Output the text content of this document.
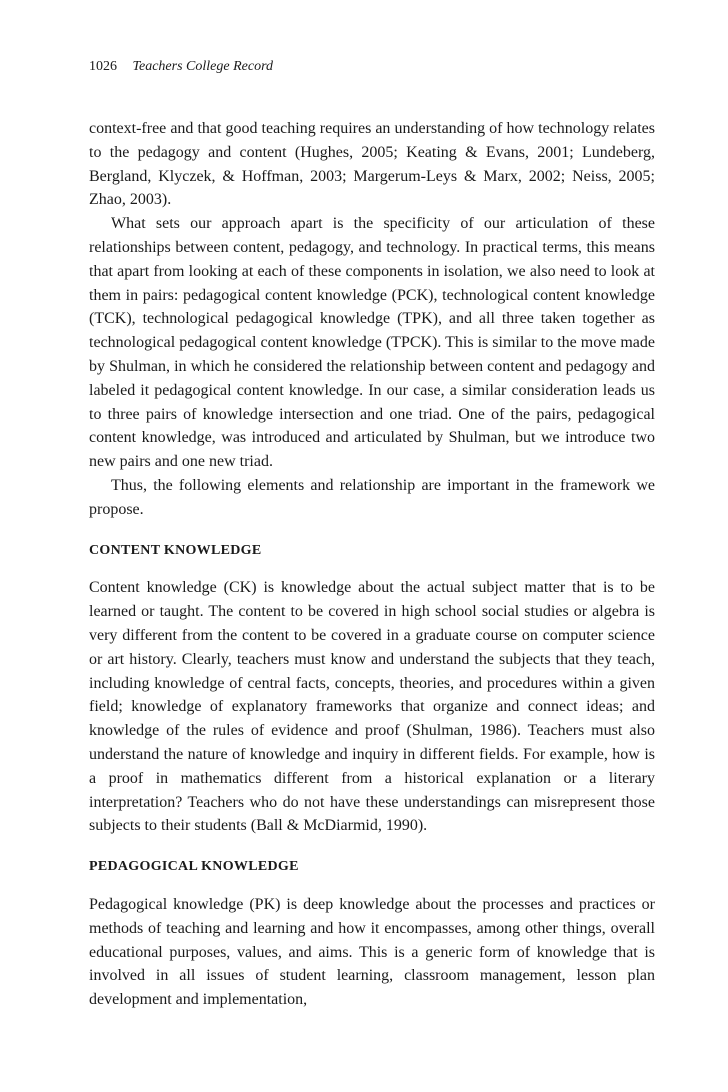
1026 Teachers College Record

context-free and that good teaching requires an understanding of how technology relates to the pedagogy and content (Hughes, 2005; Keating & Evans, 2001; Lundeberg, Bergland, Klyczek, & Hoffman, 2003; Margerum-Leys & Marx, 2002; Neiss, 2005; Zhao, 2003).

What sets our approach apart is the specificity of our articulation of these relationships between content, pedagogy, and technology. In practical terms, this means that apart from looking at each of these components in isolation, we also need to look at them in pairs: pedagogical content knowledge (PCK), technological content knowledge (TCK), technological pedagogical knowledge (TPK), and all three taken together as technological pedagogical content knowledge (TPCK). This is similar to the move made by Shulman, in which he considered the relationship between content and pedagogy and labeled it pedagogical content knowledge. In our case, a similar consideration leads us to three pairs of knowledge intersection and one triad. One of the pairs, pedagogical content knowledge, was introduced and articulated by Shulman, but we introduce two new pairs and one new triad.

Thus, the following elements and relationship are important in the framework we propose.

CONTENT KNOWLEDGE

Content knowledge (CK) is knowledge about the actual subject matter that is to be learned or taught. The content to be covered in high school social studies or algebra is very different from the content to be covered in a graduate course on computer science or art history. Clearly, teachers must know and understand the subjects that they teach, including knowledge of central facts, concepts, theories, and procedures within a given field; knowledge of explanatory frameworks that organize and connect ideas; and knowledge of the rules of evidence and proof (Shulman, 1986). Teachers must also understand the nature of knowledge and inquiry in different fields. For example, how is a proof in mathematics different from a historical explanation or a literary interpretation? Teachers who do not have these understandings can misrepresent those subjects to their students (Ball & McDiarmid, 1990).

PEDAGOGICAL KNOWLEDGE

Pedagogical knowledge (PK) is deep knowledge about the processes and practices or methods of teaching and learning and how it encompasses, among other things, overall educational purposes, values, and aims. This is a generic form of knowledge that is involved in all issues of student learning, classroom management, lesson plan development and implementation,
